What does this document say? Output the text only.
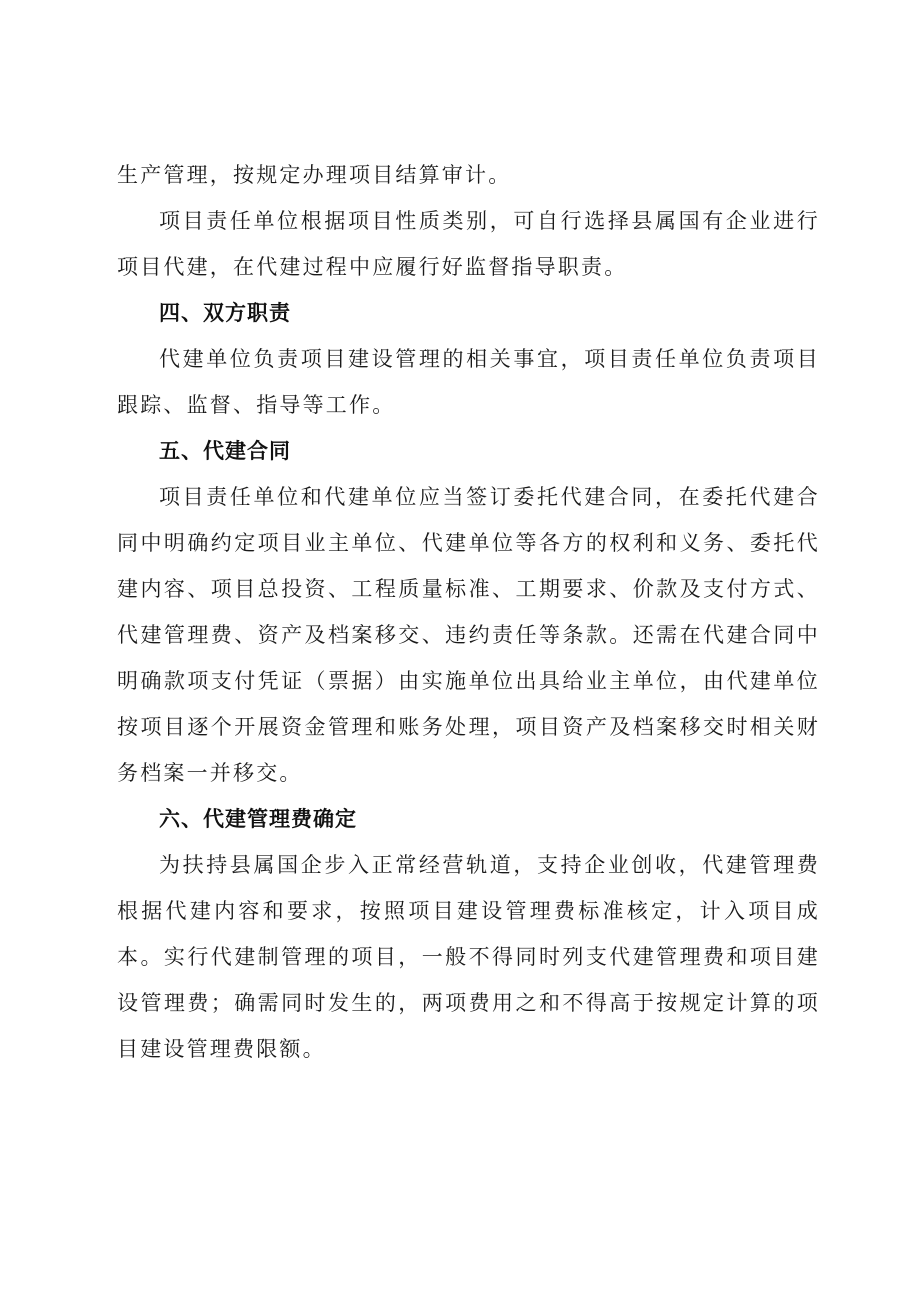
生产管理，按规定办理项目结算审计。

项目责任单位根据项目性质类别，可自行选择县属国有企业进行项目代建，在代建过程中应履行好监督指导职责。

四、双方职责

代建单位负责项目建设管理的相关事宜，项目责任单位负责项目跟踪、监督、指导等工作。

五、代建合同

项目责任单位和代建单位应当签订委托代建合同，在委托代建合同中明确约定项目业主单位、代建单位等各方的权利和义务、委托代建内容、项目总投资、工程质量标准、工期要求、价款及支付方式、代建管理费、资产及档案移交、违约责任等条款。还需在代建合同中明确款项支付凭证（票据）由实施单位出具给业主单位，由代建单位按项目逐个开展资金管理和账务处理，项目资产及档案移交时相关财务档案一并移交。

六、代建管理费确定

为扶持县属国企步入正常经营轨道，支持企业创收，代建管理费根据代建内容和要求，按照项目建设管理费标准核定，计入项目成本。实行代建制管理的项目，一般不得同时列支代建管理费和项目建设管理费；确需同时发生的，两项费用之和不得高于按规定计算的项目建设管理费限额。
